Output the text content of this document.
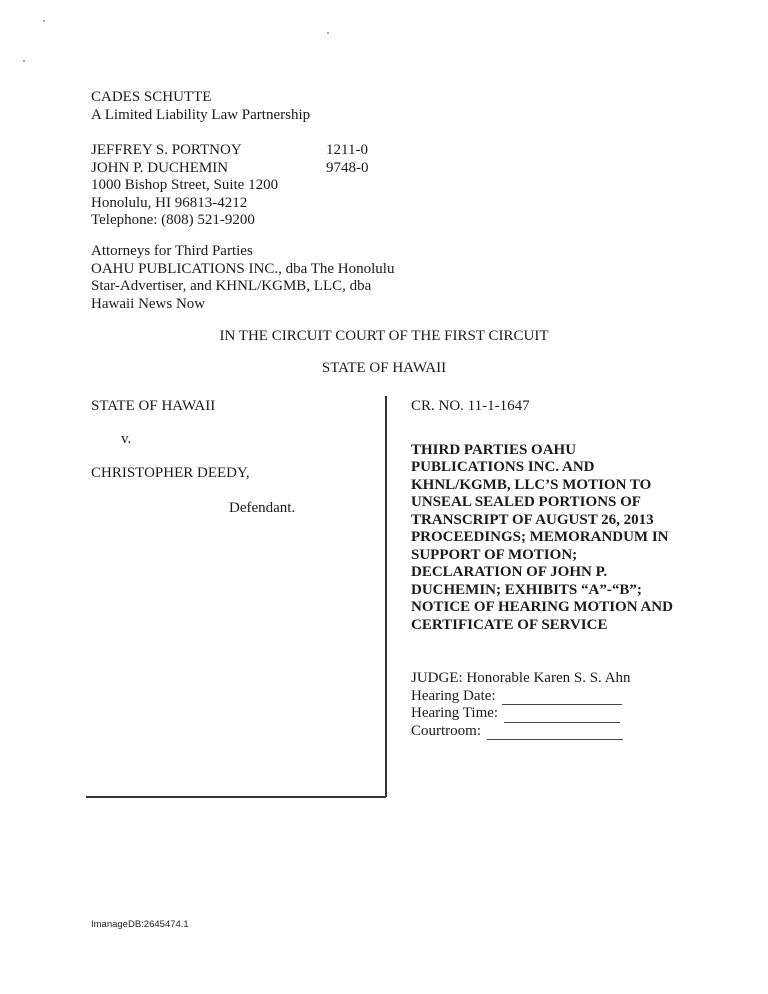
CADES SCHUTTE
A Limited Liability Law Partnership
JEFFREY S. PORTNOY	1211-0
JOHN P. DUCHEMIN	9748-0
1000 Bishop Street, Suite 1200
Honolulu, HI 96813-4212
Telephone: (808) 521-9200
Attorneys for Third Parties
OAHU PUBLICATIONS INC., dba The Honolulu
Star-Advertiser, and KHNL/KGMB, LLC, dba
Hawaii News Now
IN THE CIRCUIT COURT OF THE FIRST CIRCUIT
STATE OF HAWAII
STATE OF HAWAII
v.
CHRISTOPHER DEEDY,
Defendant.
CR. NO. 11-1-1647
THIRD PARTIES OAHU
PUBLICATIONS INC. AND
KHNL/KGMB, LLC’S MOTION TO
UNSEAL SEALED PORTIONS OF
TRANSCRIPT OF AUGUST 26, 2013
PROCEEDINGS; MEMORANDUM IN
SUPPORT OF MOTION;
DECLARATION OF JOHN P.
DUCHEMIN; EXHIBITS “A”-“B”;
NOTICE OF HEARING MOTION AND
CERTIFICATE OF SERVICE
JUDGE: Honorable Karen S. S. Ahn
Hearing Date:
Hearing Time:
Courtroom:
ImanageDB:2645474.1
